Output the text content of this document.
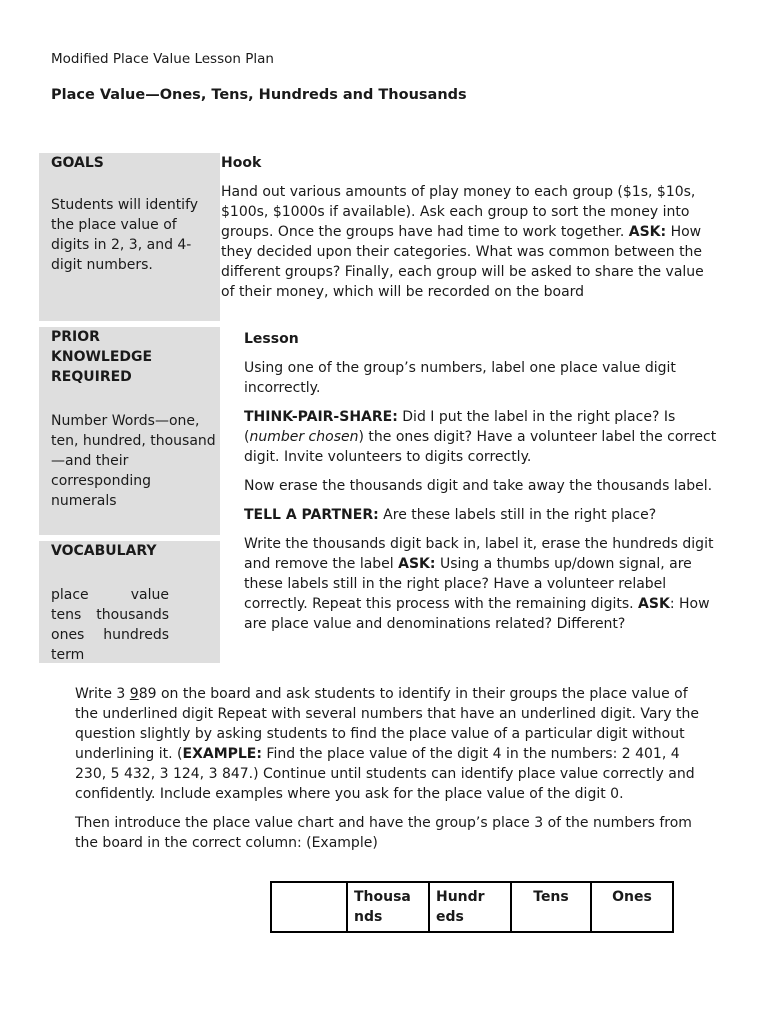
Modified Place Value Lesson Plan
Place Value—Ones, Tens, Hundreds and Thousands
GOALS
Students will identify the place value of digits in 2, 3, and 4-digit numbers.
PRIOR KNOWLEDGE REQUIRED
Number Words—one, ten, hundred, thousand—and their corresponding numerals
VOCABULARY
place	value
tens thousands
ones hundreds
term
Hook
Hand out various amounts of play money to each group ($1s, $10s, $100s, $1000s if available). Ask each group to sort the money into groups. Once the groups have had time to work together. ASK: How they decided upon their categories. What was common between the different groups? Finally, each group will be asked to share the value of their money, which will be recorded on the board

Lesson

Using one of the group’s numbers, label one place value digit incorrectly.

THINK-PAIR-SHARE: Did I put the label in the right place? Is (number chosen) the ones digit? Have a volunteer label the correct digit. Invite volunteers to digits correctly.

Now erase the thousands digit and take away the thousands label.

TELL A PARTNER: Are these labels still in the right place?

Write the thousands digit back in, label it, erase the hundreds digit and remove the label ASK: Using a thumbs up/down signal, are these labels still in the right place? Have a volunteer relabel correctly. Repeat this process with the remaining digits. ASK: How are place value and denominations related? Different?

Write 3 989 on the board and ask students to identify in their groups the place value of the underlined digit Repeat with several numbers that have an underlined digit. Vary the question slightly by asking students to find the place value of a particular digit without underlining it. (EXAMPLE: Find the place value of the digit 4 in the numbers: 2 401, 4 230, 5 432, 3 124, 3 847.) Continue until students can identify place value correctly and confidently. Include examples where you ask for the place value of the digit 0.

Then introduce the place value chart and have the group’s place 3 of the numbers from the board in the correct column: (Example)

	Thousa nds	Hundr eds	Tens	Ones
